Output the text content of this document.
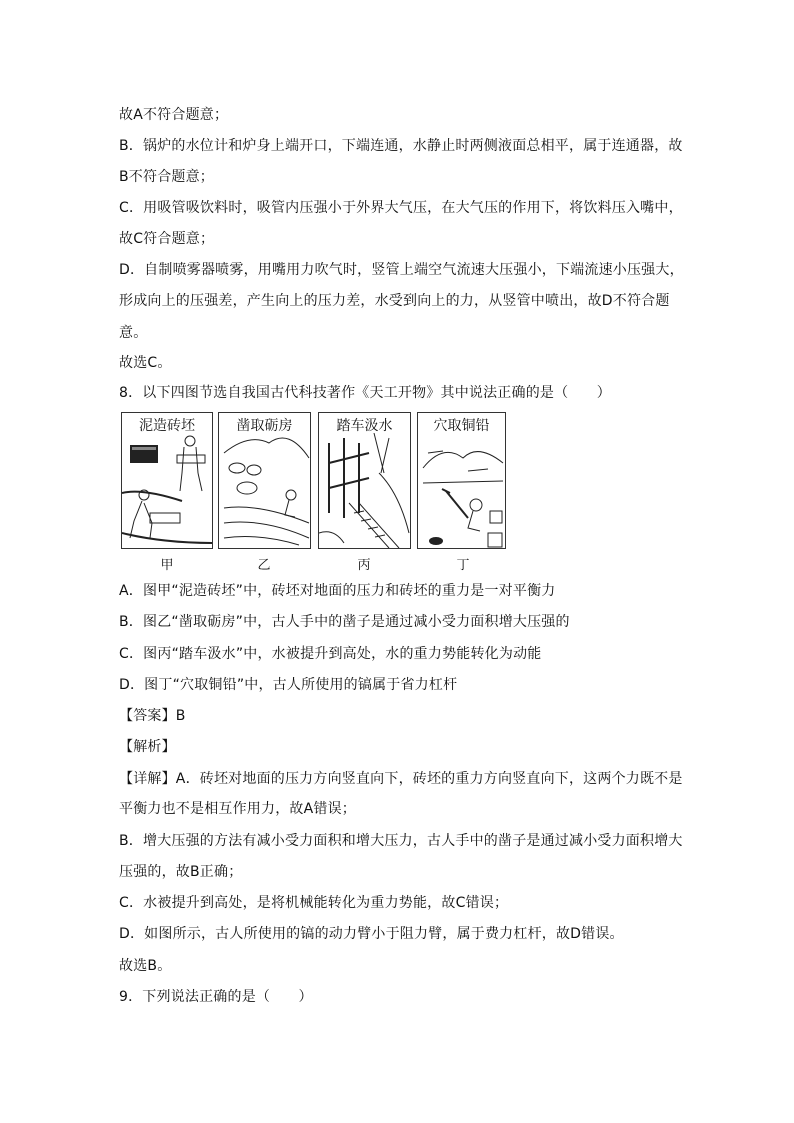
故A不符合题意；
B．锅炉的水位计和炉身上端开口，下端连通，水静止时两侧液面总相平，属于连通器，故
B不符合题意；
C．用吸管吸饮料时，吸管内压强小于外界大气压，在大气压的作用下，将饮料压入嘴中，
故C符合题意；
D．自制喷雾器喷雾，用嘴用力吹气时，竖管上端空气流速大压强小，下端流速小压强大，
形成向上的压强差，产生向上的压力差，水受到向上的力，从竖管中喷出，故D不符合题
意。
故选C。
8．以下四图节选自我国古代科技著作《天工开物》其中说法正确的是（　　）
泥造砖坯	凿取砺房	踏车汲水	穴取铜铅
甲	乙	丙	丁
A．图甲“泥造砖坯”中，砖坯对地面的压力和砖坯的重力是一对平衡力
B．图乙“凿取砺房”中，古人手中的凿子是通过减小受力面积增大压强的
C．图丙“踏车汲水”中，水被提升到高处，水的重力势能转化为动能
D．图丁“穴取铜铅”中，古人所使用的镐属于省力杠杆
【答案】B
【解析】
【详解】A．砖坯对地面的压力方向竖直向下，砖坯的重力方向竖直向下，这两个力既不是
平衡力也不是相互作用力，故A错误；
B．增大压强的方法有减小受力面积和增大压力，古人手中的凿子是通过减小受力面积增大
压强的，故B正确；
C．水被提升到高处，是将机械能转化为重力势能，故C错误；
D．如图所示，古人所使用的镐的动力臂小于阻力臂，属于费力杠杆，故D错误。
故选B。
9．下列说法正确的是（　　）
